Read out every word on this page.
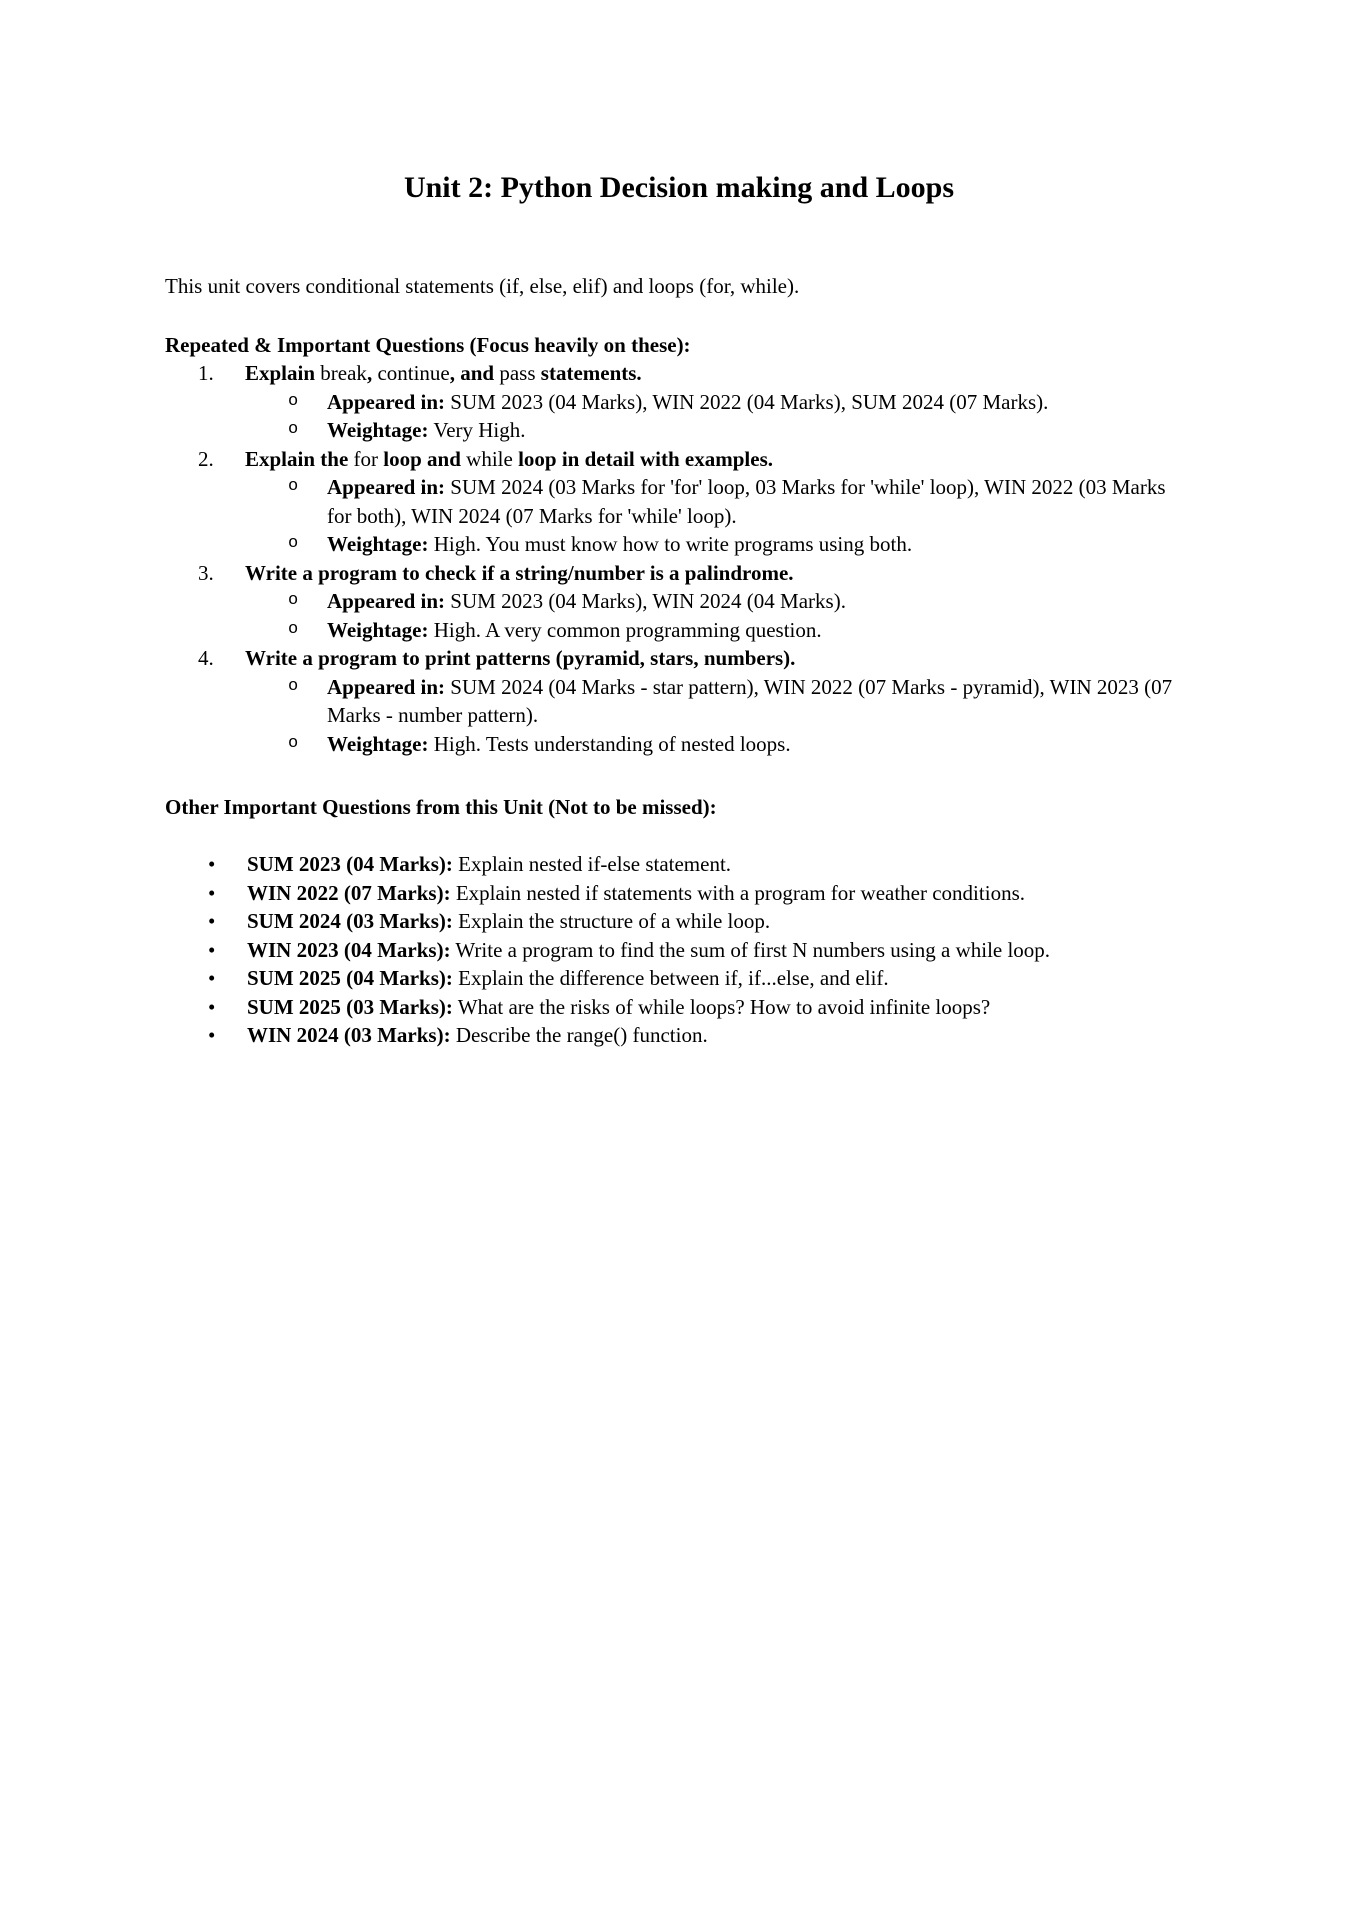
Unit 2: Python Decision making and Loops

This unit covers conditional statements (if, else, elif) and loops (for, while).

Repeated & Important Questions (Focus heavily on these):

1. Explain break, continue, and pass statements.
o Appeared in: SUM 2023 (04 Marks), WIN 2022 (04 Marks), SUM 2024 (07 Marks).
o Weightage: Very High.
2. Explain the for loop and while loop in detail with examples.
o Appeared in: SUM 2024 (03 Marks for 'for' loop, 03 Marks for 'while' loop), WIN 2022 (03 Marks for both), WIN 2024 (07 Marks for 'while' loop).
o Weightage: High. You must know how to write programs using both.
3. Write a program to check if a string/number is a palindrome.
o Appeared in: SUM 2023 (04 Marks), WIN 2024 (04 Marks).
o Weightage: High. A very common programming question.
4. Write a program to print patterns (pyramid, stars, numbers).
o Appeared in: SUM 2024 (04 Marks - star pattern), WIN 2022 (07 Marks - pyramid), WIN 2023 (07 Marks - number pattern).
o Weightage: High. Tests understanding of nested loops.

Other Important Questions from this Unit (Not to be missed):

• SUM 2023 (04 Marks): Explain nested if-else statement.
• WIN 2022 (07 Marks): Explain nested if statements with a program for weather conditions.
• SUM 2024 (03 Marks): Explain the structure of a while loop.
• WIN 2023 (04 Marks): Write a program to find the sum of first N numbers using a while loop.
• SUM 2025 (04 Marks): Explain the difference between if, if...else, and elif.
• SUM 2025 (03 Marks): What are the risks of while loops? How to avoid infinite loops?
• WIN 2024 (03 Marks): Describe the range() function.
